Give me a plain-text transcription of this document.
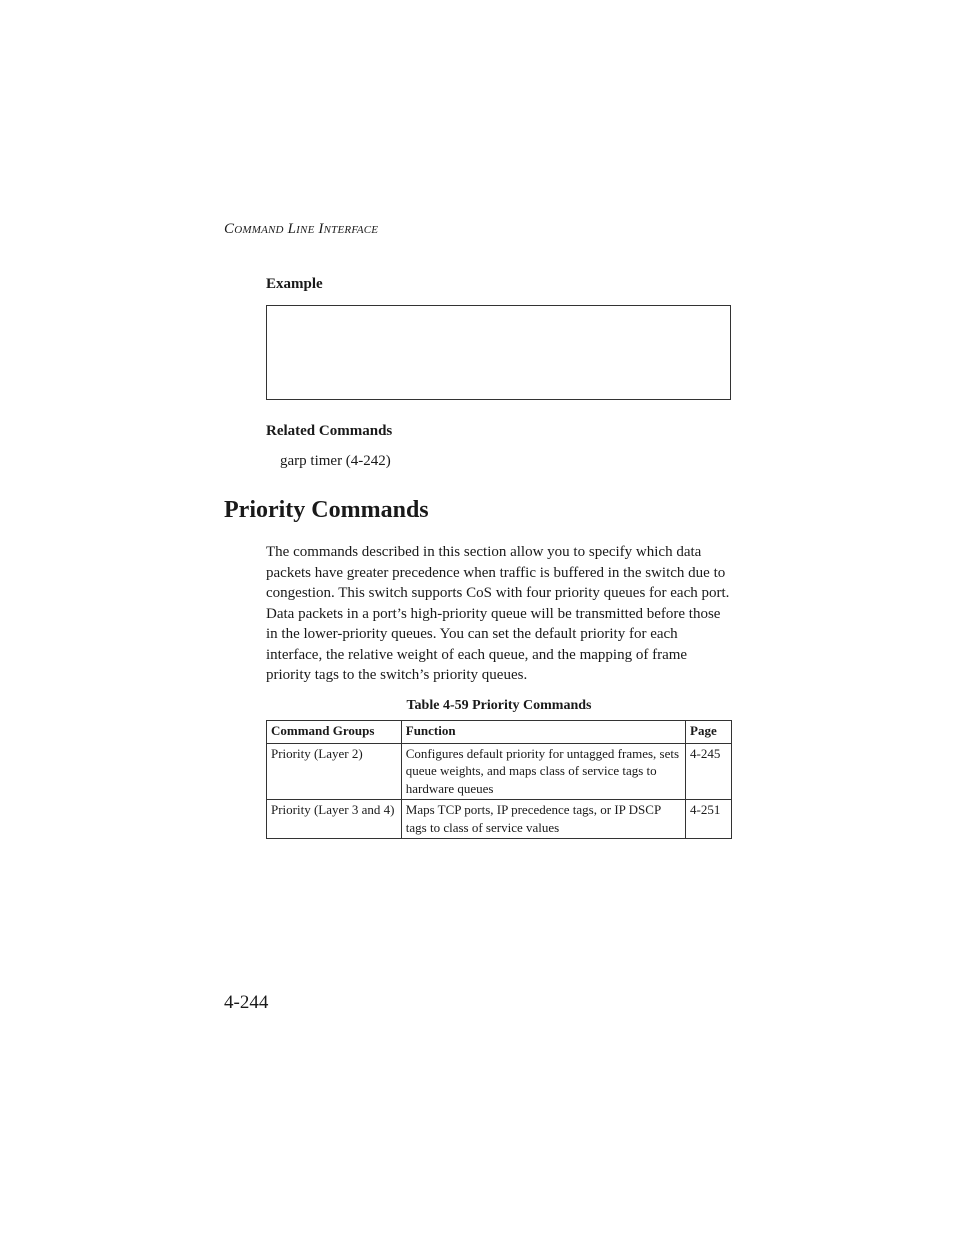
Command Line Interface
Example
Related Commands
garp timer (4-242)
Priority Commands
The commands described in this section allow you to specify which data packets have greater precedence when traffic is buffered in the switch due to congestion. This switch supports CoS with four priority queues for each port. Data packets in a port’s high-priority queue will be transmitted before those in the lower-priority queues. You can set the default priority for each interface, the relative weight of each queue, and the mapping of frame priority tags to the switch’s priority queues.
Table 4-59 Priority Commands
Command Groups	Function	Page
Priority (Layer 2)	Configures default priority for untagged frames, sets queue weights, and maps class of service tags to hardware queues	4-245
Priority (Layer 3 and 4)	Maps TCP ports, IP precedence tags, or IP DSCP tags to class of service values	4-251
4-244
